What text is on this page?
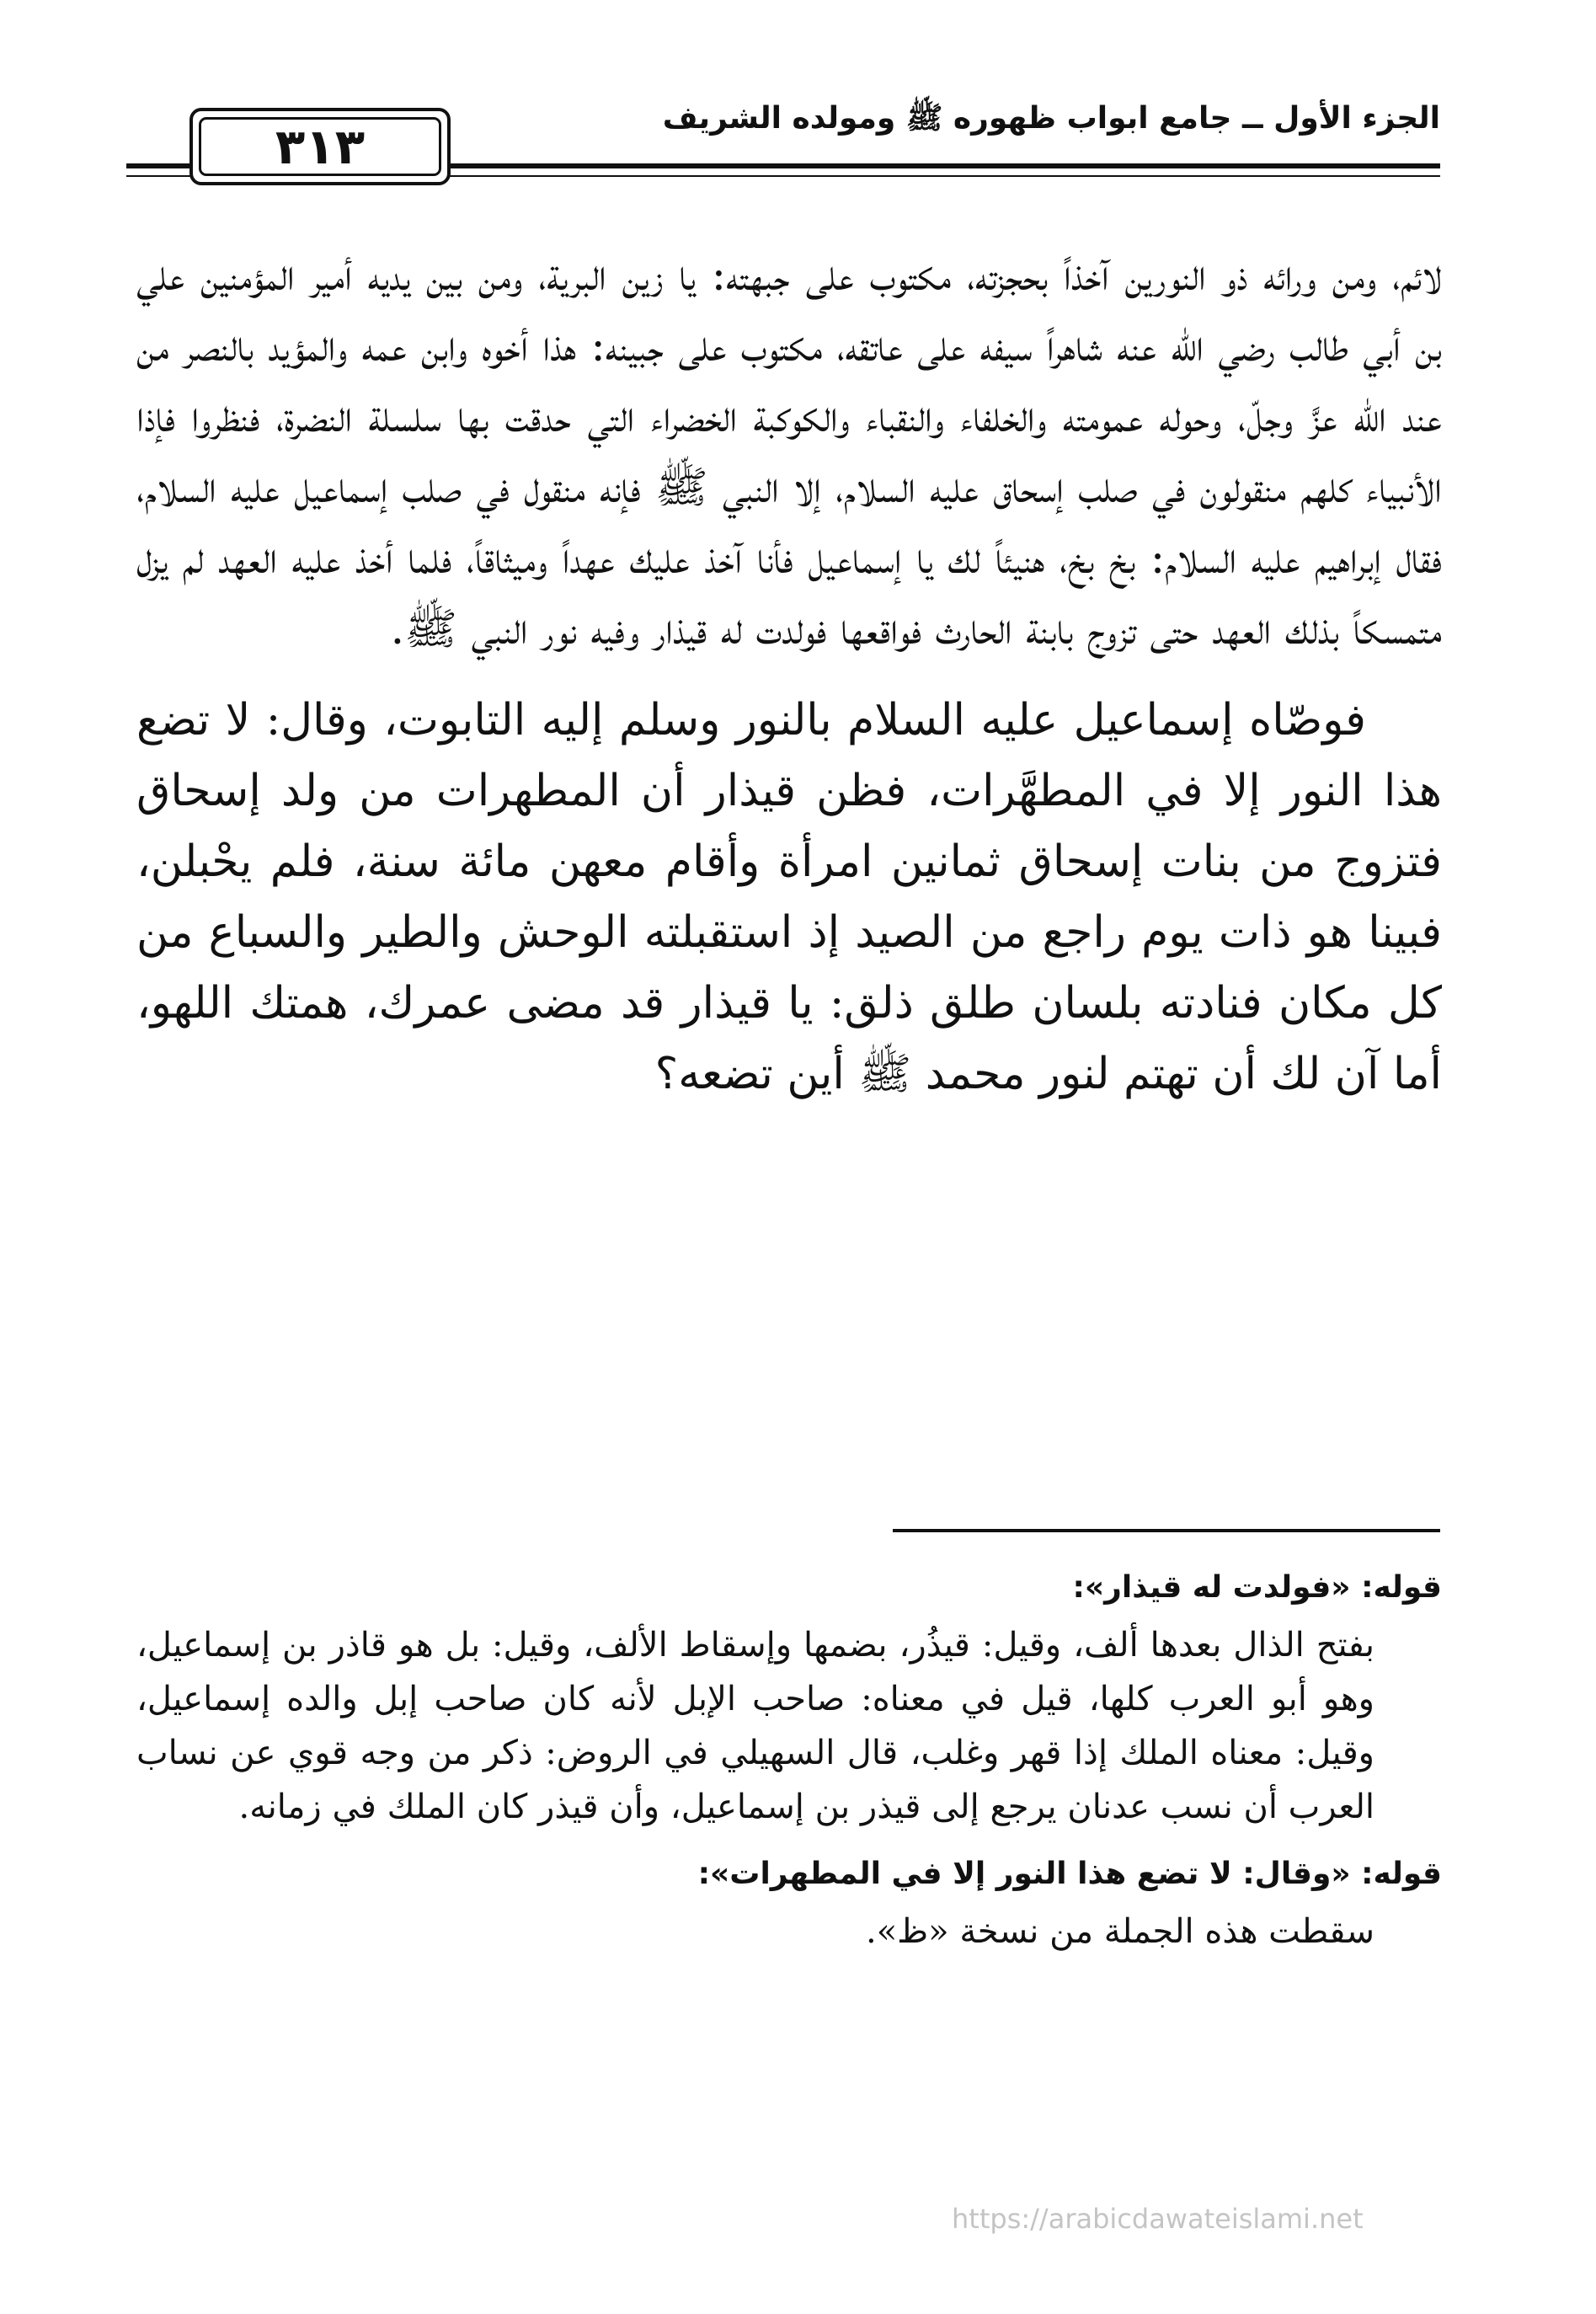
٣١٣	الجزء الأول ــ جامع ابواب ظهوره ﷺ ومولده الشريف

لائم، ومن ورائه ذو النورين آخذاً بحجزته، مكتوب على جبهته: يا زين البرية، ومن بين يديه أمير المؤمنين علي بن أبي طالب رضي الله عنه شاهراً سيفه على عاتقه، مكتوب على جبينه: هذا أخوه وابن عمه والمؤيد بالنصر من عند الله عزَّ وجلّ، وحوله عمومته والخلفاء والنقباء والكوكبة الخضراء التي حدقت بها سلسلة النضرة، فنظروا فإذا الأنبياء كلهم منقولون في صلب إسحاق عليه السلام، إلا النبي ﷺ فإنه منقول في صلب إسماعيل عليه السلام، فقال إبراهيم عليه السلام: بخ بخ، هنيئاً لك يا إسماعيل فأنا آخذ عليك عهداً وميثاقاً، فلما أخذ عليه العهد لم يزل متمسكاً بذلك العهد حتى تزوج بابنة الحارث فواقعها فولدت له قيذار وفيه نور النبي ﷺ.

فوصّاه إسماعيل عليه السلام بالنور وسلم إليه التابوت، وقال: لا تضع هذا النور إلا في المطهَّرات، فظن قيذار أن المطهرات من ولد إسحاق فتزوج من بنات إسحاق ثمانين امرأة وأقام معهن مائة سنة، فلم يحْبلن، فبينا هو ذات يوم راجع من الصيد إذ استقبلته الوحش والطير والسباع من كل مكان فنادته بلسان طلق ذلق: يا قيذار قد مضى عمرك، همتك اللهو، أما آن لك أن تهتم لنور محمد ﷺ أين تضعه؟

قوله: «فولدت له قيذار»:

بفتح الذال بعدها ألف، وقيل: قيذُر، بضمها وإسقاط الألف، وقيل: بل هو قاذر بن إسماعيل، وهو أبو العرب كلها، قيل في معناه: صاحب الإبل لأنه كان صاحب إبل والده إسماعيل، وقيل: معناه الملك إذا قهر وغلب، قال السهيلي في الروض: ذكر من وجه قوي عن نساب العرب أن نسب عدنان يرجع إلى قيذر بن إسماعيل، وأن قيذر كان الملك في زمانه.

قوله: «وقال: لا تضع هذا النور إلا في المطهرات»:

سقطت هذه الجملة من نسخة «ظ».

https://arabicdawateislami.net
